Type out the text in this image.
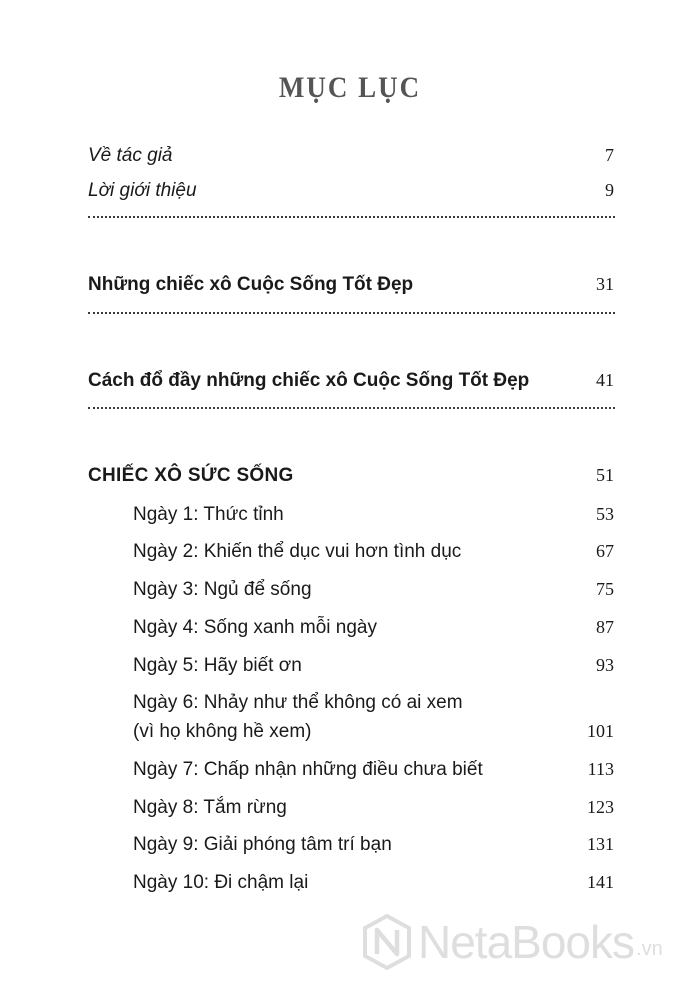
MỤC LỤC
Về tác giả	7
Lời giới thiệu	9
Những chiếc xô Cuộc Sống Tốt Đẹp	31
Cách đổ đầy những chiếc xô Cuộc Sống Tốt Đẹp	41
CHIẾC XÔ SỨC SỐNG	51
Ngày 1: Thức tỉnh	53
Ngày 2: Khiến thể dục vui hơn tình dục	67
Ngày 3: Ngủ để sống	75
Ngày 4: Sống xanh mỗi ngày	87
Ngày 5: Hãy biết ơn	93
Ngày 6: Nhảy như thể không có ai xem
(vì họ không hề xem)	101
Ngày 7: Chấp nhận những điều chưa biết	113
Ngày 8: Tắm rừng	123
Ngày 9: Giải phóng tâm trí bạn	131
Ngày 10: Đi chậm lại	141
NetaBooks .vn
